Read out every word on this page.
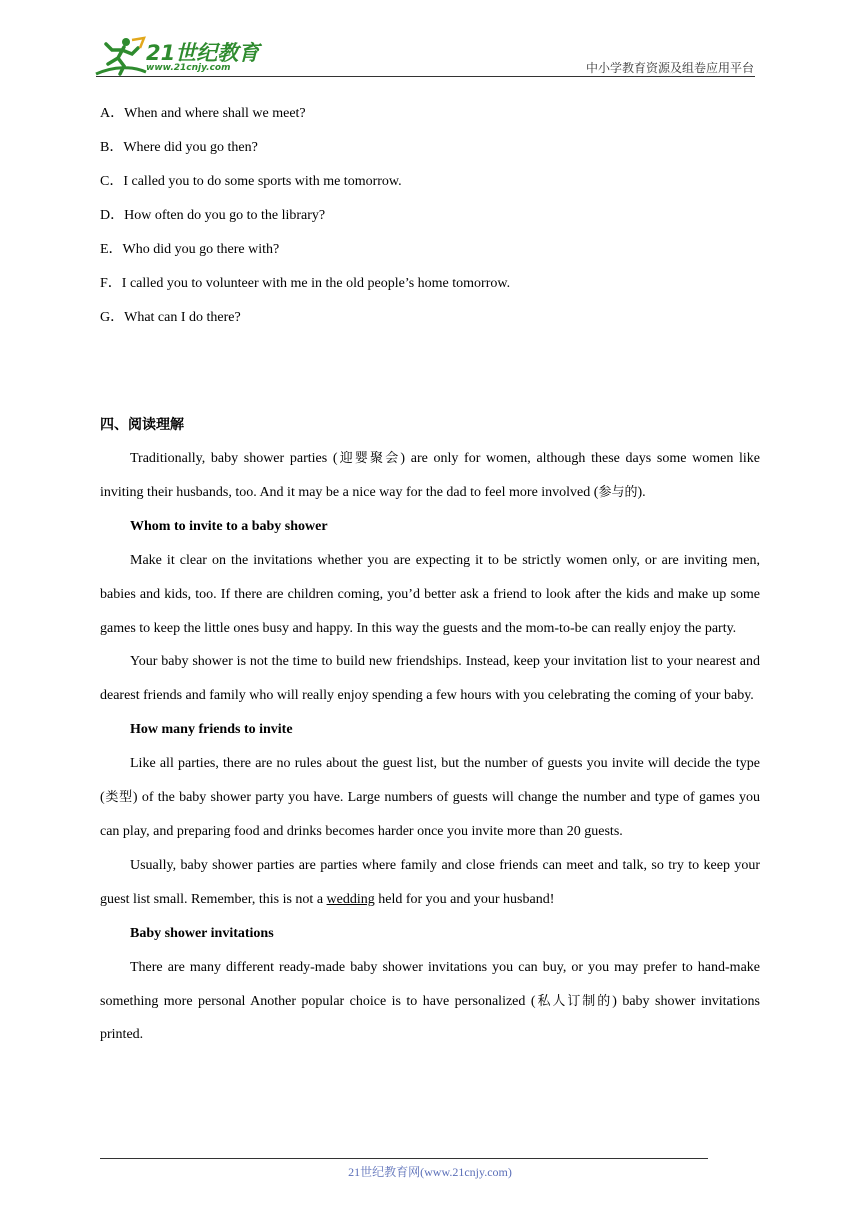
21世纪教育
www.21cnjy.com	中小学教育资源及组卷应用平台
A．When and where shall we meet?
B．Where did you go then?
C．I called you to do some sports with me tomorrow.
D．How often do you go to the library?
E．Who did you go there with?
F．I called you to volunteer with me in the old people’s home tomorrow.
G．What can I do there?
四、阅读理解

Traditionally, baby shower parties (迎婴聚会) are only for women, although these days some women like inviting their husbands, too. And it may be a nice way for the dad to feel more involved (参与的).

Whom to invite to a baby shower

Make it clear on the invitations whether you are expecting it to be strictly women only, or are inviting men, babies and kids, too. If there are children coming, you’d better ask a friend to look after the kids and make up some games to keep the little ones busy and happy. In this way the guests and the mom-to-be can really enjoy the party.

Your baby shower is not the time to build new friendships. Instead, keep your invitation list to your nearest and dearest friends and family who will really enjoy spending a few hours with you celebrating the coming of your baby.

How many friends to invite

Like all parties, there are no rules about the guest list, but the number of guests you invite will decide the type (类型) of the baby shower party you have. Large numbers of guests will change the number and type of games you can play, and preparing food and drinks becomes harder once you invite more than 20 guests.

Usually, baby shower parties are parties where family and close friends can meet and talk, so try to keep your guest list small. Remember, this is not a wedding held for you and your husband!

Baby shower invitations

There are many different ready-made baby shower invitations you can buy, or you may prefer to hand-make something more personal Another popular choice is to have personalized (私人订制的) baby shower invitations printed.

21世纪教育网(www.21cnjy.com)
